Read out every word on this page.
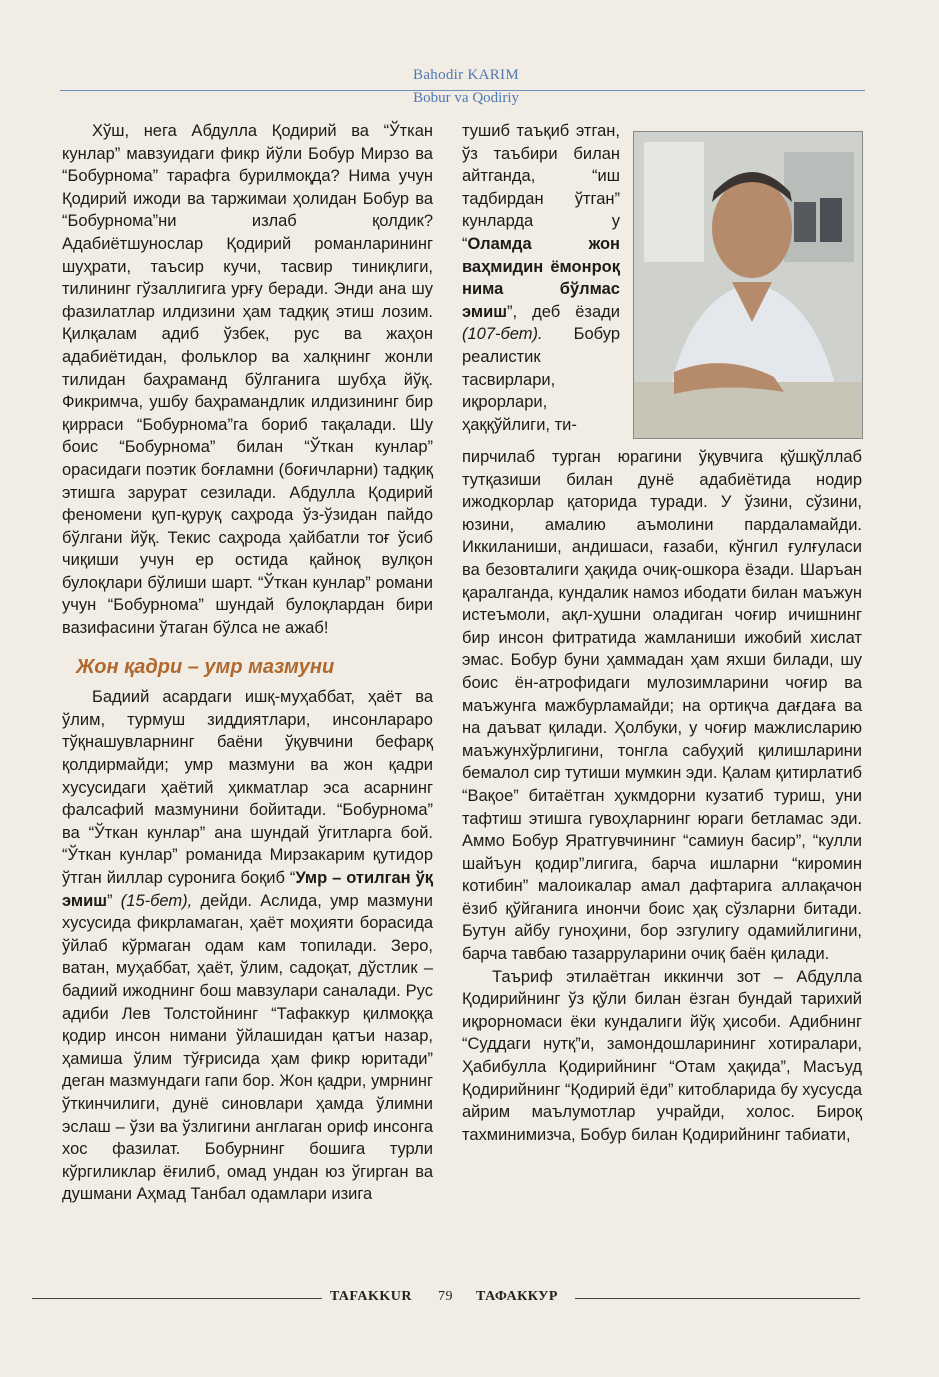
Bahodir KARIM
Bobur va Qodiriy

Хўш, нега Абдулла Қодирий ва “Ўткан кунлар” мавзуидаги фикр йўли Бобур Мирзо ва “Бобурнома” тарафга бурилмоқда? Нима учун Қодирий ижоди ва таржимаи ҳолидан Бобур ва “Бобурнома”ни излаб қолдик? Адабиётшунослар Қодирий романларининг шуҳрати, таъсир кучи, тасвир тиниқлиги, тилининг гўзаллигига урғу беради. Энди ана шу фазилатлар илдизини ҳам тадқиқ этиш лозим. Қилқалам адиб ўзбек, рус ва жаҳон адабиётидан, фольклор ва халқнинг жонли тилидан баҳраманд бўлганига шубҳа йўқ. Фикримча, ушбу баҳрамандлик илдизининг бир қирраси “Бобурнома”га бориб тақалади. Шу боис “Бобурнома” билан “Ўткан кунлар” орасидаги поэтик боғламни (боғичларни) тадқиқ этишга зарурат сезилади. Абдулла Қодирий феномени қуп-қуруқ саҳрода ўз-ўзидан пайдо бўлгани йўқ. Текис саҳрода ҳайбатли тоғ ўсиб чиқиши учун ер остида қайноқ вулқон булоқлари бўлиши шарт. “Ўткан кунлар” романи учун “Бобурнома” шундай булоқлардан бири вазифасини ўтаган бўлса не ажаб!

Жон қадри – умр мазмуни

Бадиий асардаги ишқ-муҳаббат, ҳаёт ва ўлим, турмуш зиддиятлари, инсонлараро тўқнашувларнинг баёни ўқувчини бефарқ қолдирмайди; умр мазмуни ва жон қадри хусусидаги ҳаётий ҳикматлар эса асарнинг фалсафий мазмунини бойитади. “Бобурнома” ва “Ўткан кунлар” ана шундай ўгитларга бой. “Ўткан кунлар” романида Мирзакарим қутидор ўтган йиллар суронига боқиб “Умр – отилган ўқ эмиш” (15-бет), дейди. Аслида, умр мазмуни хусусида фикрламаган, ҳаёт моҳияти борасида ўйлаб кўрмаган одам кам топилади. Зеро, ватан, муҳаббат, ҳаёт, ўлим, садоқат, дўстлик – бадиий ижоднинг бош мавзулари саналади. Рус адиби Лев Толстойнинг “Тафаккур қилмоққа қодир инсон нимани ўйлашидан қатъи назар, ҳамиша ўлим тўғрисида ҳам фикр юритади” деган мазмундаги гапи бор. Жон қадри, умрнинг ўткинчилиги, дунё синовлари ҳамда ўлимни эслаш – ўзи ва ўзлигини англаган ориф инсонга хос фазилат. Бобурнинг бошига турли кўргиликлар ёғилиб, омад ундан юз ўгирган ва душмани Аҳмад Танбал одамлари изига

тушиб таъқиб этган, ўз таъбири билан айтганда, “иш тадбирдан ўтган” кунларда у “Оламда жон ваҳмидин ёмонроқ нима бўлмас эмиш”, деб ёзади (107-бет). Бобур реалистик тасвирлари, иқрорлари, ҳаққўйлиги, ти-

пирчилаб турган юрагини ўқувчига қўшқўллаб тутқазиши билан дунё адабиётида нодир ижодкорлар қаторида туради. У ўзини, сўзини, юзини, амалию аъмолини пардаламайди. Иккиланиши, андишаси, ғазаби, кўнгил ғулғуласи ва безовталиги ҳақида очиқ-ошкора ёзади. Шаръан қаралганда, кундалик намоз ибодати билан маъжун истеъмоли, ақл-ҳушни оладиган чоғир ичишнинг бир инсон фитратида жамланиши ижобий хислат эмас. Бобур буни ҳаммадан ҳам яхши билади, шу боис ён-атрофидаги мулозимларини чоғир ва маъжунга мажбурламайди; на ортиқча дағдаға ва на даъват қилади. Ҳолбуки, у чоғир мажлисларию маъжунхўрлигини, тонгла сабуҳий қилишларини бемалол сир тутиши мумкин эди. Қалам қитирлатиб “Вақое” битаётган ҳукмдорни кузатиб туриш, уни тафтиш этишга гувоҳларнинг юраги бетламас эди. Аммо Бобур Яратгувчининг “самиун басир”, “кулли шайъун қодир”лигига, барча ишларни “киромин котибин” малоикалар амал дафтарига аллақачон ёзиб қўйганига инончи боис ҳақ сўзларни битади. Бутун айбу гуноҳини, бор эзгулигу одамийлигини, барча тавбаю тазарруларини очиқ баён қилади.

Таъриф этилаётган иккинчи зот – Абдулла Қодирийнинг ўз қўли билан ёзган бундай тарихий иқрорномаси ёки кундалиги йўқ ҳисоби. Адибнинг “Суддаги нутқ”и, замондошларининг хотиралари, Ҳабибулла Қодирийнинг “Отам ҳақида”, Масъуд Қодирийнинг “Қодирий ёди” китобларида бу хусусда айрим маълумотлар учрайди, холос. Бироқ тахминимизча, Бобур билан Қодирийнинг табиати,

TAFAKKUR 79 ТАФАККУР
